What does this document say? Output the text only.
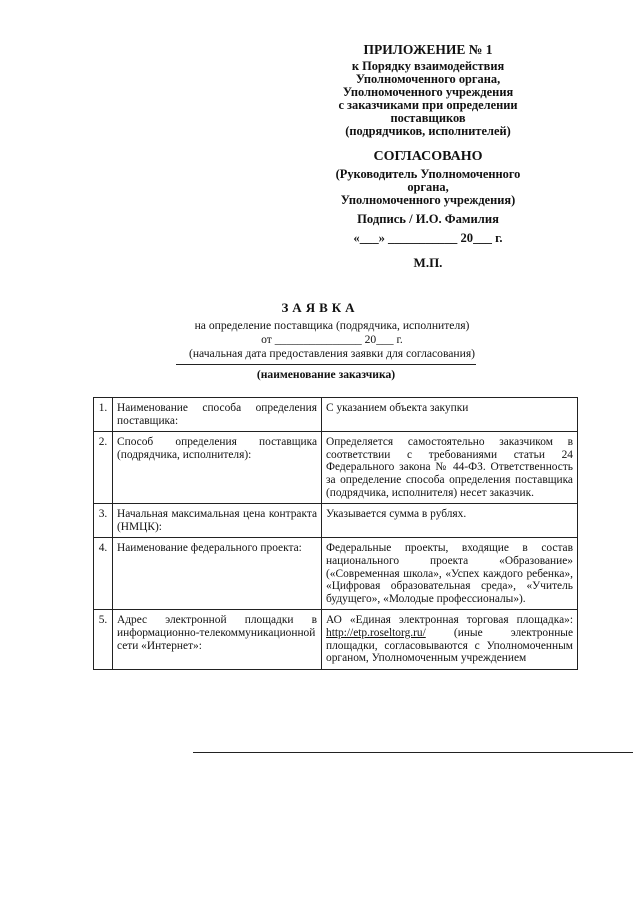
ПРИЛОЖЕНИЕ № 1
к Порядку взаимодействия
Уполномоченного органа,
Уполномоченного учреждения
с заказчиками при определении
поставщиков
(подрядчиков, исполнителей)
СОГЛАСОВАНО
(Руководитель Уполномоченного
органа,
Уполномоченного учреждения)
Подпись / И.О. Фамилия
«___» ___________ 20___ г.
М.П.
ЗАЯВКА
на определение поставщика (подрядчика, исполнителя)
от _______________ 20___ г.
(начальная дата предоставления заявки для согласования)
(наименование заказчика)
1.	Наименование способа определения поставщика:	С указанием объекта закупки
2.	Способ определения поставщика (подрядчика, исполнителя):	Определяется самостоятельно заказчиком в соответствии с требованиями статьи 24 Федерального закона № 44-ФЗ. Ответственность за определение способа определения поставщика (подрядчика, исполнителя) несет заказчик.
3.	Начальная максимальная цена контракта (НМЦК):	Указывается сумма в рублях.
4.	Наименование федерального проекта:	Федеральные проекты, входящие в состав национального проекта «Образование» («Современная школа», «Успех каждого ребенка», «Цифровая образовательная среда», «Учитель будущего», «Молодые профессионалы»).
5.	Адрес электронной площадки в информационно-телекоммуникационной сети «Интернет»:	АО «Единая электронная торговая площадка»: http://etp.roseltorg.ru/ (иные электронные площадки, согласовываются с Уполномоченным органом, Уполномоченным учреждением
